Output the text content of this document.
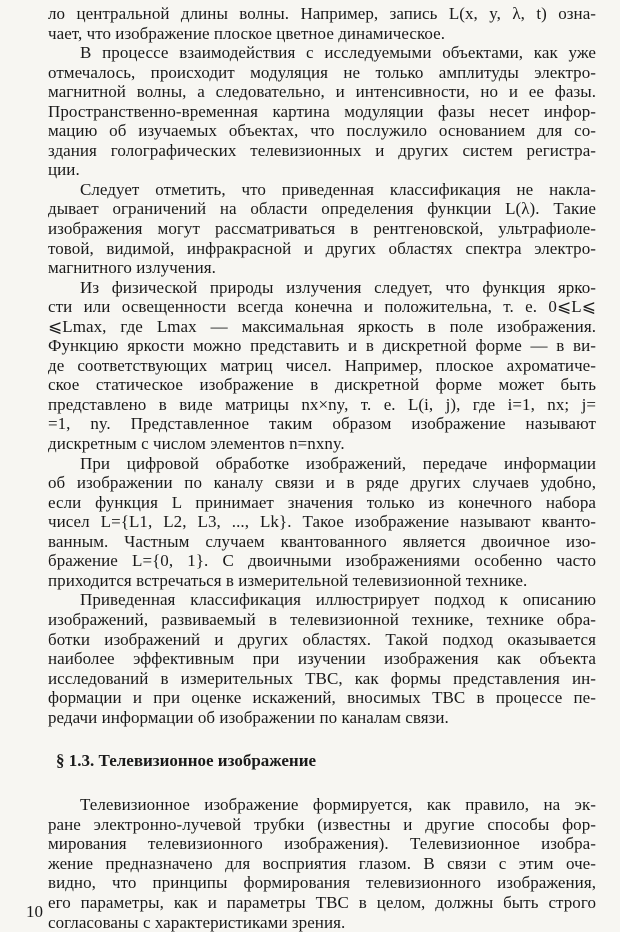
ло центральной длины волны. Например, запись L(x, y, λ, t) озна-
чает, что изображение плоское цветное динамическое.
В процессе взаимодействия с исследуемыми объектами, как уже
отмечалось, происходит модуляция не только амплитуды электро-
магнитной волны, а следовательно, и интенсивности, но и ее фазы.
Пространственно-временная картина модуляции фазы несет инфор-
мацию об изучаемых объектах, что послужило основанием для со-
здания голографических телевизионных и других систем регистра-
ции.
Следует отметить, что приведенная классификация не накла-
дывает ограничений на области определения функции L(λ). Такие
изображения могут рассматриваться в рентгеновской, ультрафиоле-
товой, видимой, инфракрасной и других областях спектра электро-
магнитного излучения.
Из физической природы излучения следует, что функция ярко-
сти или освещенности всегда конечна и положительна, т. е. 0⩽L⩽
⩽Lmax, где Lmax — максимальная яркость в поле изображения.
Функцию яркости можно представить и в дискретной форме — в ви-
де соответствующих матриц чисел. Например, плоское ахроматиче-
ское статическое изображение в дискретной форме может быть
представлено в виде матрицы nx×ny, т. е. L(i, j), где i=1, nx; j=
=1, ny. Представленное таким образом изображение называют
дискретным с числом элементов n=nxny.
При цифровой обработке изображений, передаче информации
об изображении по каналу связи и в ряде других случаев удобно,
если функция L принимает значения только из конечного набора
чисел L={L1, L2, L3, ..., Lk}. Такое изображение называют кванто-
ванным. Частным случаем квантованного является двоичное изо-
бражение L={0, 1}. С двоичными изображениями особенно часто
приходится встречаться в измерительной телевизионной технике.
Приведенная классификация иллюстрирует подход к описанию
изображений, развиваемый в телевизионной технике, технике обра-
ботки изображений и других областях. Такой подход оказывается
наиболее эффективным при изучении изображения как объекта
исследований в измерительных ТВС, как формы представления ин-
формации и при оценке искажений, вносимых ТВС в процессе пе-
редачи информации об изображении по каналам связи.
§ 1.3. Телевизионное изображение
Телевизионное изображение формируется, как правило, на эк-
ране электронно-лучевой трубки (известны и другие способы фор-
мирования телевизионного изображения). Телевизионное изобра-
жение предназначено для восприятия глазом. В связи с этим оче-
видно, что принципы формирования телевизионного изображения,
его параметры, как и параметры ТВС в целом, должны быть строго
согласованы с характеристиками зрения.
10
